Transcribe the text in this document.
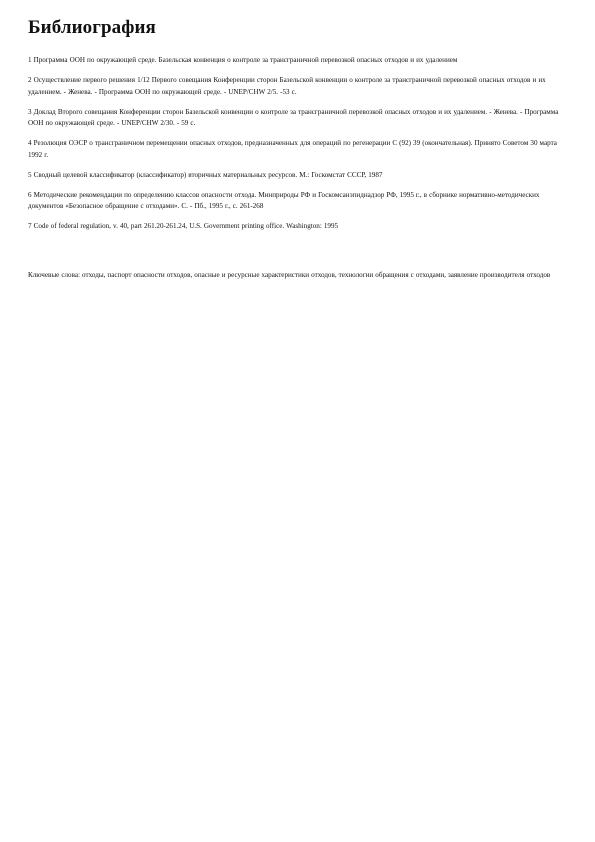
Библиография

1 Программа ООН по окружающей среде. Базельская конвенция о контроле за трансграничной перевозкой опасных отходов и их удалением

2 Осуществление первого решения 1/12 Первого совещания Конференции сторон Базельской конвенции о контроле за трансграничной перевозкой опасных отходов и их удалением. - Женева. - Программа ООН по окружающей среде. - UNEP/CHW 2/5. -53 с.

3 Доклад Второго совещания Конференции сторон Базельской конвенции о контроле за трансграничной перевозкой опасных отходов и их удалением. - Женева. - Программа ООН по окружающей среде. - UNEP/CHW 2/30. - 59 с.

4 Резолюция ОЭСР о трансграничном перемещении опасных отходов, предназначенных для операций по регенерации С (92) 39 (окончательная). Принято Советом 30 марта 1992 г.

5 Сводный целевой классификатор (классификатор) вторичных материальных ресурсов. М.: Госкомстат СССР, 1987

6 Методические рекомендации по определению классов опасности отхода. Минприроды РФ и Госкомсанэпиднадзор РФ, 1995 г., в сборнике нормативно-методических документов «Безопасное обращение с отходами». С. - Пб., 1995 г., с. 261-268

7 Code of federal regulation, v. 40, part 261.20-261.24, U.S. Government printing office. Washington: 1995

Ключевые слова: отходы, паспорт опасности отходов, опасные и ресурсные характеристики отходов, технологии обращения с отходами, заявление производителя отходов
